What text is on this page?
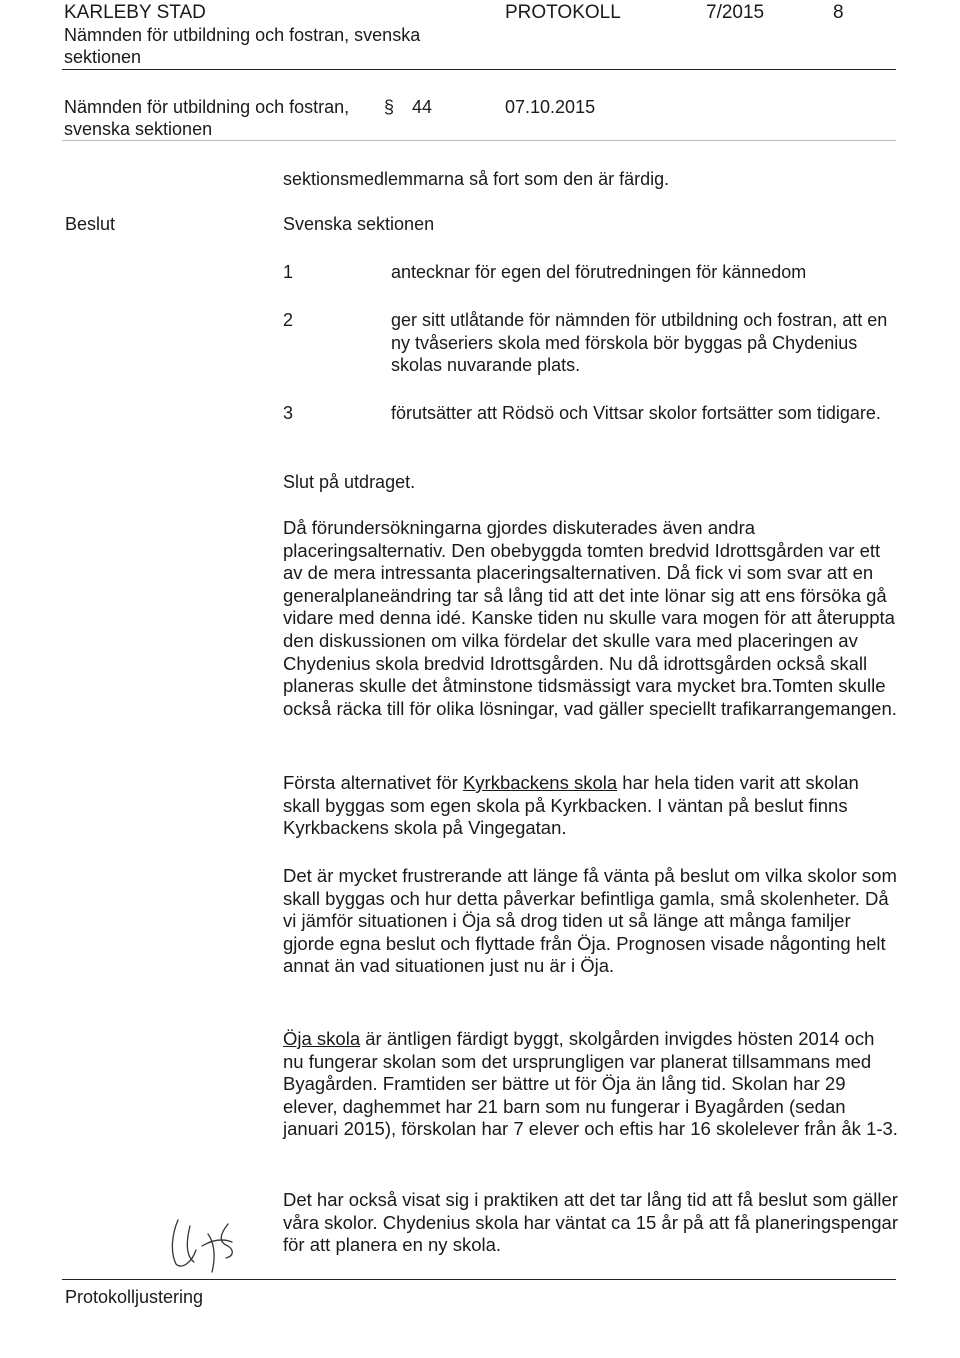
KARLEBY STAD
Nämnden för utbildning och fostran, svenska
sektionen
PROTOKOLL	7/2015	8
Nämnden för utbildning och fostran, § 44	07.10.2015
svenska sektionen
sektionsmedlemmarna så fort som den är färdig.
Beslut	Svenska sektionen
1	antecknar för egen del förutredningen för kännedom
2	ger sitt utlåtande för nämnden för utbildning och fostran, att en ny tvåseriers skola med förskola bör byggas på Chydenius skolas nuvarande plats.
3	förutsätter att Rödsö och Vittsar skolor fortsätter som tidigare.
Slut på utdraget.

Då förundersökningarna gjordes diskuterades även andra placeringsalternativ. Den obebyggda tomten bredvid Idrottsgården var ett av de mera intressanta placeringsalternativen. Då fick vi som svar att en generalplaneändring tar så lång tid att det inte lönar sig att ens försöka gå vidare med denna idé. Kanske tiden nu skulle vara mogen för att återuppta den diskussionen om vilka fördelar det skulle vara med placeringen av Chydenius skola bredvid Idrottsgården. Nu då idrottsgården också skall planeras skulle det åtminstone tidsmässigt vara mycket bra.Tomten skulle också räcka till för olika lösningar, vad gäller speciellt trafikarrangemangen.

Första alternativet för Kyrkbackens skola har hela tiden varit att skolan skall byggas som egen skola på Kyrkbacken. I väntan på beslut finns Kyrkbackens skola på Vingegatan.

Det är mycket frustrerande att länge få vänta på beslut om vilka skolor som skall byggas och hur detta påverkar befintliga gamla, små skolenheter. Då vi jämför situationen i Öja så drog tiden ut så länge att många familjer gjorde egna beslut och flyttade från Öja. Prognosen visade någonting helt annat än vad situationen just nu är i Öja.

Öja skola är äntligen färdigt byggt, skolgården invigdes hösten 2014 och nu fungerar skolan som det ursprungligen var planerat tillsammans med Byagården. Framtiden ser bättre ut för Öja än lång tid. Skolan har 29 elever, daghemmet har 21 barn som nu fungerar i Byagården (sedan januari 2015), förskolan har 7 elever och eftis har 16 skolelever från åk 1-3.

Det har också visat sig i praktiken att det tar lång tid att få beslut som gäller våra skolor. Chydenius skola har väntat ca 15 år på att få planeringspengar för att planera en ny skola.

Protokolljustering
